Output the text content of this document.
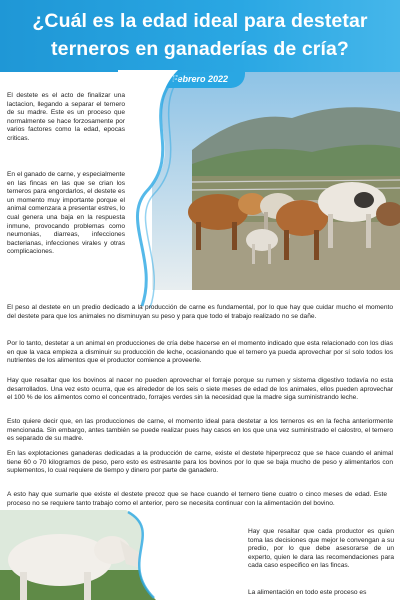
¿Cuál es la edad ideal para destetar terneros en ganaderías de cría?
Febrero 2022
El destete es el acto de finalizar una lactacion, llegando a separar el ternero de su madre. Este es un proceso que normalmente se hace forzosamente por varios factores como la edad, epocas criticas.
En el ganado de carne, y especialmente en las fincas en las que se crian los terneros para engordarlos, el destete es un momento muy importante porque el animal comenzara a presentar estres, lo cual genera una baja en la respuesta inmune, provocando problemas como neumonias, diarreas, infecciones bacterianas, infecciones virales y otras complicaciones.
El peso al destete en un predio dedicado a la producción de carne es fundamental, por lo que hay que cuidar mucho el momento del destete para que los animales no disminuyan su peso y para que todo el trabajo realizado no se dañe.
Por lo tanto, destetar a un animal en producciones de cría debe hacerse en el momento indicado que esta relacionado con los días en que la vaca empieza a disminuir su producción de leche, ocasionando que el ternero ya pueda aprovechar por sí solo todos los nutrientes de los alimentos que el productor comience a proveerle.
Hay que resaltar que los bovinos al nacer no pueden aprovechar el forraje porque su rumen y sistema digestivo todavía no esta desarrollados. Una vez esto ocurra, que es alrededor de los seis o siete meses de edad de los animales, ellos pueden aprovechar el 100 % de los alimentos como el concentrado, forrajes verdes sin la necesidad que la madre siga suministrando leche.
Esto quiere decir que, en las producciones de carne, el momento ideal para destetar a los terneros es en la fecha anteriormente mencionada. Sin embargo, antes también se puede realizar pues hay casos en los que una vez suministrado el calostro, el ternero es separado de su madre.
En las explotaciones ganaderas dedicadas a la producción de carne, existe el destete hiperprecoz que se hace cuando el animal tiene 60 o 70 kilogramos de peso, pero esto es estresante para los bovinos por lo que se baja mucho de peso y alimentarlos con suplementos, lo cual requiere de tiempo y dinero por parte de ganadero.
A esto hay que sumarle que existe el destete precoz que se hace cuando el ternero tiene cuatro o cinco meses de edad. Este proceso no se requiere tanto trabajo como el anterior, pero se necesita continuar con la alimentación del bovino.
Hay que resaltar que cada productor es quien toma las decisiones que mejor le convengan a su predio, por lo que debe asesorarse de un experto, quien le dara las recomendaciones para cada caso especifico en las fincas.
La alimentación en todo este proceso es
